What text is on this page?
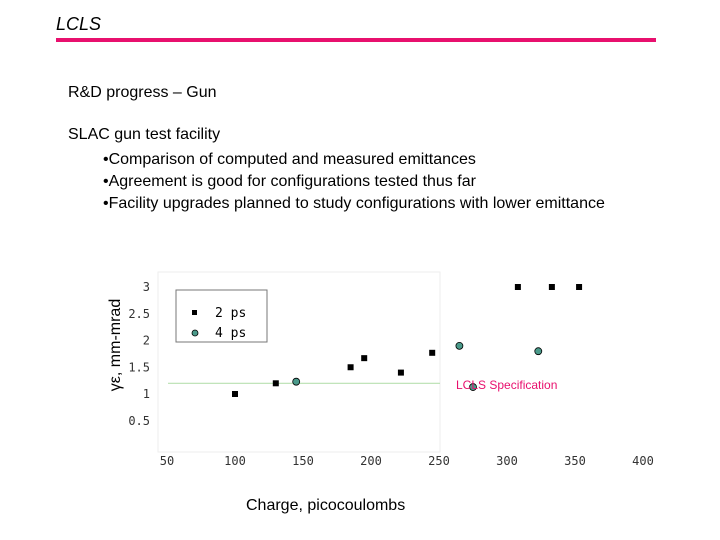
LCLS
R&D progress – Gun
SLAC gun test facility
•Comparison of computed and measured emittances
•Agreement is good for configurations tested thus far
•Facility upgrades planned to study configurations with lower emittance
0.5
1
1.5
2
2.5
3
50	100	150	200	250	300	350	400
2 ps
4 ps
γε, mm-mrad
Charge, picocoulombs
LCLS Specification
